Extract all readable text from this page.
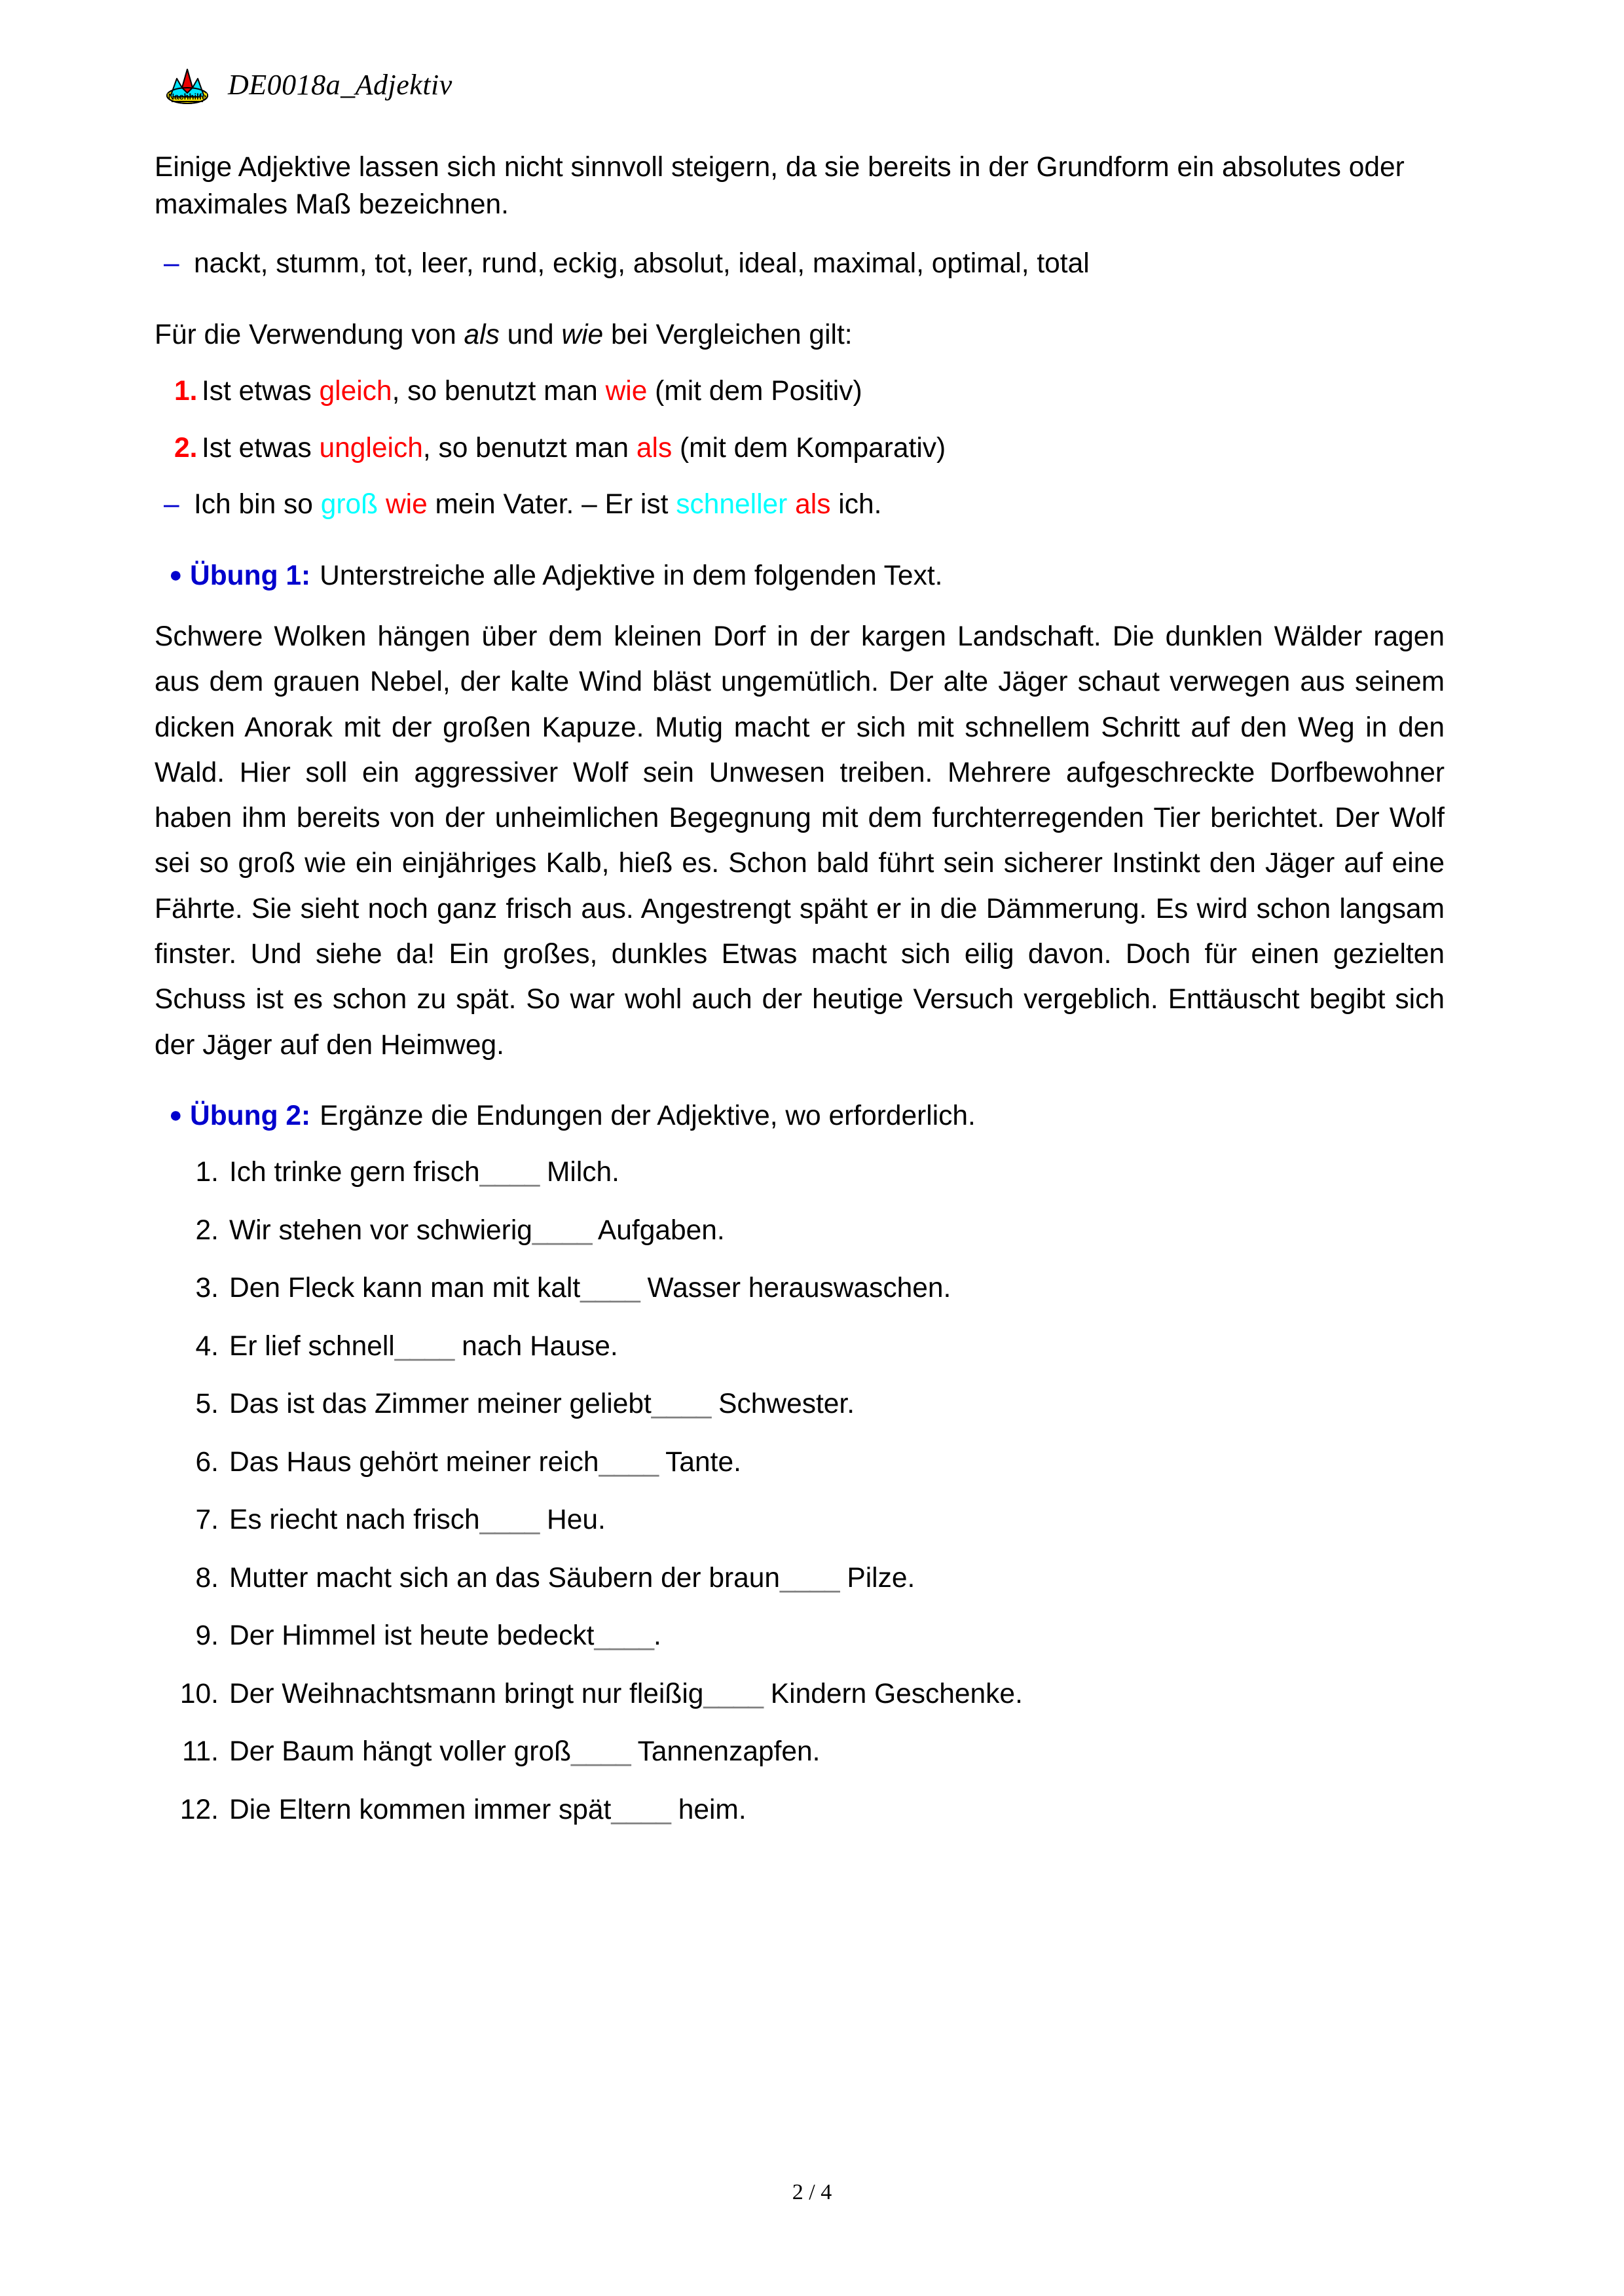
Nachhilfe DE0018a_Adjektiv

Einige Adjektive lassen sich nicht sinnvoll steigern, da sie bereits in der Grundform ein absolutes oder maximales Maß bezeichnen.

– nackt, stumm, tot, leer, rund, eckig, absolut, ideal, maximal, optimal, total

Für die Verwendung von als und wie bei Vergleichen gilt:

1. Ist etwas gleich, so benutzt man wie (mit dem Positiv)
2. Ist etwas ungleich, so benutzt man als (mit dem Komparativ)
– Ich bin so groß wie mein Vater. – Er ist schneller als ich.
● Übung 1: Unterstreiche alle Adjektive in dem folgenden Text.

Schwere Wolken hängen über dem kleinen Dorf in der kargen Landschaft. Die dunklen Wälder ragen aus dem grauen Nebel, der kalte Wind bläst ungemütlich. Der alte Jäger schaut verwegen aus seinem dicken Anorak mit der großen Kapuze. Mutig macht er sich mit schnellem Schritt auf den Weg in den Wald. Hier soll ein aggressiver Wolf sein Unwesen treiben. Mehrere aufgeschreckte Dorfbewohner haben ihm bereits von der unheimlichen Begegnung mit dem furchterregenden Tier berichtet. Der Wolf sei so groß wie ein einjähriges Kalb, hieß es. Schon bald führt sein sicherer Instinkt den Jäger auf eine Fährte. Sie sieht noch ganz frisch aus. Angestrengt späht er in die Dämmerung. Es wird schon langsam finster. Und siehe da! Ein großes, dunkles Etwas macht sich eilig davon. Doch für einen gezielten Schuss ist es schon zu spät. So war wohl auch der heutige Versuch vergeblich. Enttäuscht begibt sich der Jäger auf den Heimweg.

● Übung 2: Ergänze die Endungen der Adjektive, wo erforderlich.
1. Ich trinke gern frisch____ Milch.
2. Wir stehen vor schwierig____ Aufgaben.
3. Den Fleck kann man mit kalt____ Wasser herauswaschen.
4. Er lief schnell____ nach Hause.
5. Das ist das Zimmer meiner geliebt____ Schwester.
6. Das Haus gehört meiner reich____ Tante.
7. Es riecht nach frisch____ Heu.
8. Mutter macht sich an das Säubern der braun____ Pilze.
9. Der Himmel ist heute bedeckt____.
10. Der Weihnachtsmann bringt nur fleißig____ Kindern Geschenke.
11. Der Baum hängt voller groß____ Tannenzapfen.
12. Die Eltern kommen immer spät____ heim.
2 / 4
